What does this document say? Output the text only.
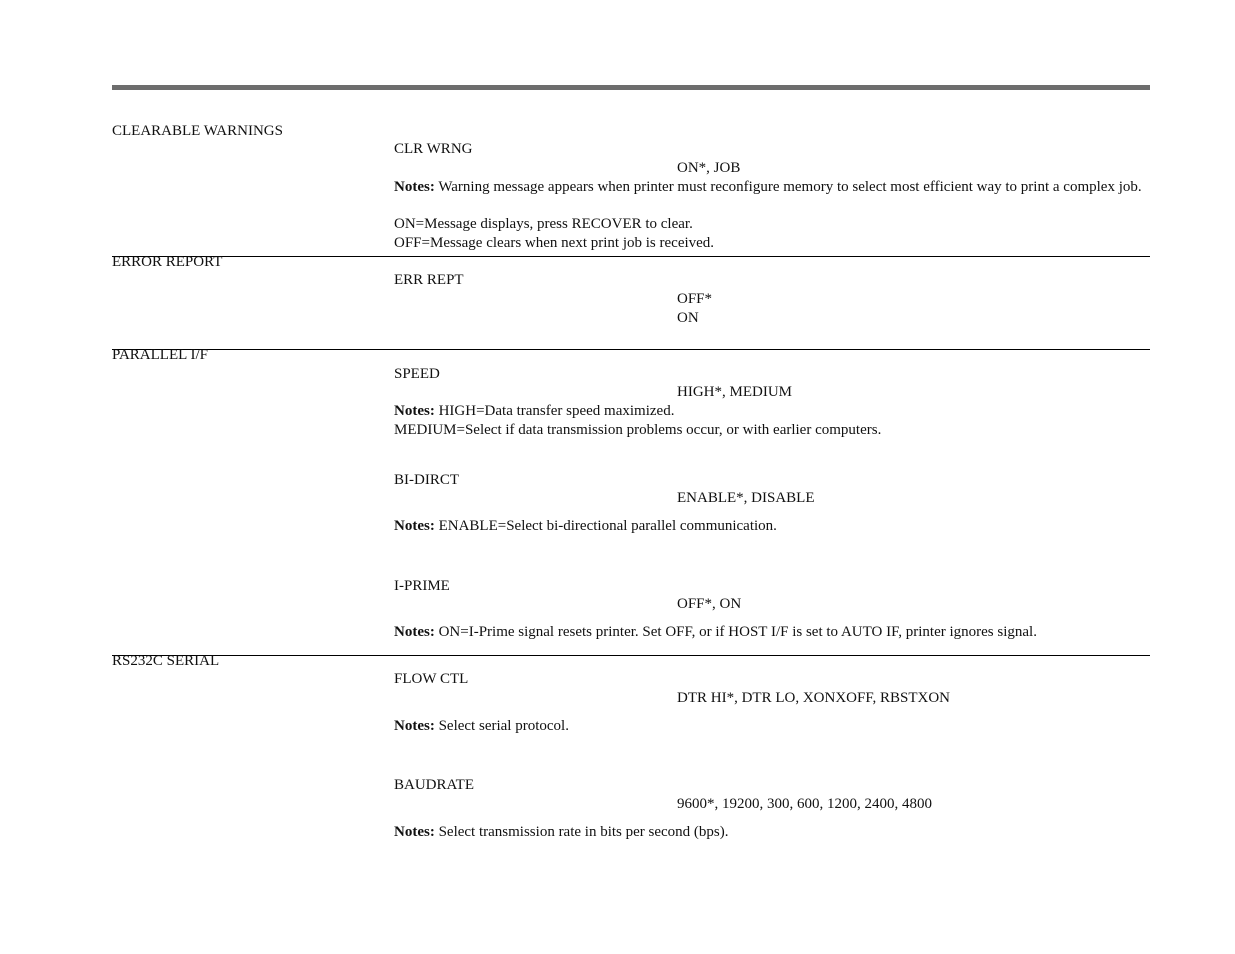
CLEARABLE WARNINGS
CLR WRNG
ON*, JOB
Notes: Warning message appears when printer must reconfigure memory to select most efficient way to print a complex job.
ON=Message displays, press RECOVER to clear.
OFF=Message clears when next print job is received.
ERROR REPORT
ERR REPT
OFF*
ON
PARALLEL I/F
SPEED
HIGH*, MEDIUM
Notes: HIGH=Data transfer speed maximized.
MEDIUM=Select if data transmission problems occur, or with earlier computers.
BI-DIRCT
ENABLE*, DISABLE
Notes: ENABLE=Select bi-directional parallel communication.
I-PRIME
OFF*, ON
Notes: ON=I-Prime signal resets printer. Set OFF, or if HOST I/F is set to AUTO IF, printer ignores signal.
RS232C SERIAL
FLOW CTL
DTR HI*, DTR LO, XONXOFF, RBSTXON
Notes: Select serial protocol.
BAUDRATE
9600*, 19200, 300, 600, 1200, 2400, 4800
Notes: Select transmission rate in bits per second (bps).
